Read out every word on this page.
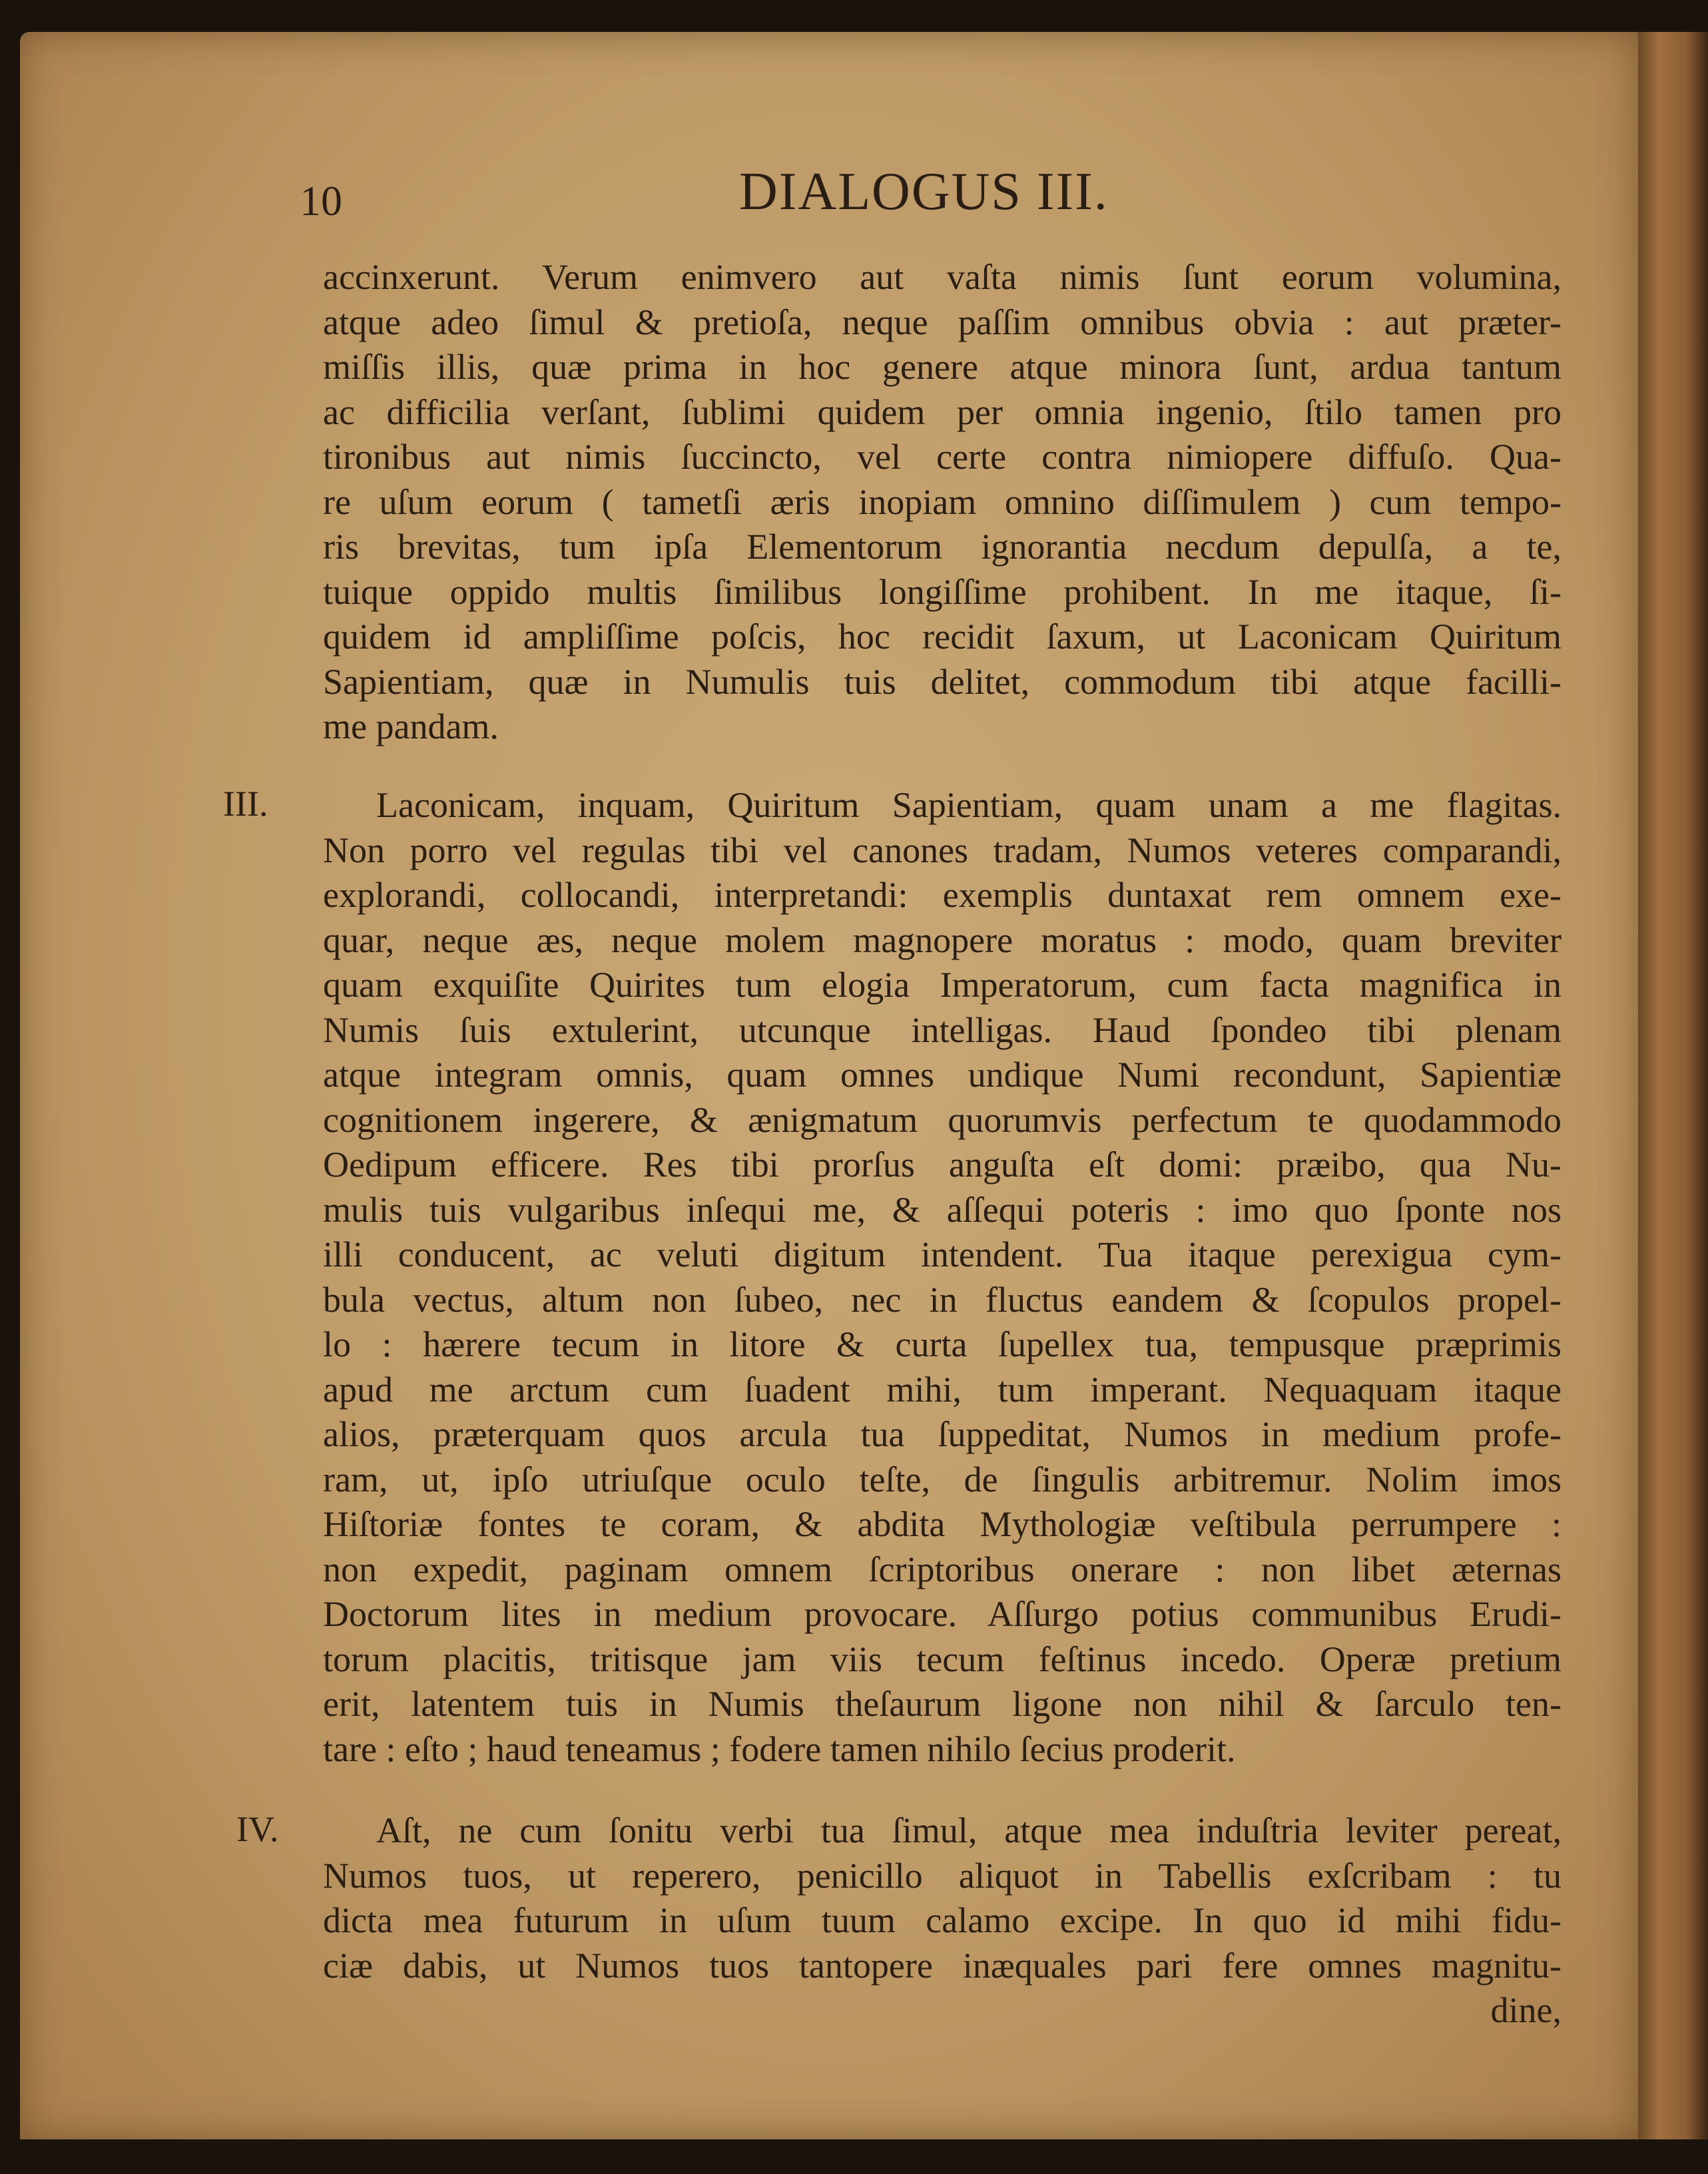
10	DIALOGUS III.
accinxerunt. Verum enimvero aut vaſta nimis ſunt eorum volumina,
atque adeo ſimul & pretioſa, neque paſſim omnibus obvia : aut præter-
miſſis illis, quæ prima in hoc genere atque minora ſunt, ardua tantum
ac difficilia verſant, ſublimi quidem per omnia ingenio, ſtilo tamen pro
tironibus aut nimis ſuccincto, vel certe contra nimiopere diffuſo. Qua-
re uſum eorum ( tametſi æris inopiam omnino diſſimulem ) cum tempo-
ris brevitas, tum ipſa Elementorum ignorantia necdum depulſa, a te,
tuique oppido multis ſimilibus longiſſime prohibent. In me itaque, ſi-
quidem id ampliſſime poſcis, hoc recidit ſaxum, ut Laconicam Quiritum
Sapientiam, quæ in Numulis tuis delitet, commodum tibi atque facilli-
me pandam.
III.	Laconicam, inquam, Quiritum Sapientiam, quam unam a me flagitas.
Non porro vel regulas tibi vel canones tradam, Numos veteres comparandi,
explorandi, collocandi, interpretandi: exemplis duntaxat rem omnem exe-
quar, neque æs, neque molem magnopere moratus : modo, quam breviter
quam exquiſite Quirites tum elogia Imperatorum, cum facta magnifica in
Numis ſuis extulerint, utcunque intelligas. Haud ſpondeo tibi plenam
atque integram omnis, quam omnes undique Numi recondunt, Sapientiæ
cognitionem ingerere, & ænigmatum quorumvis perfectum te quodammodo
Oedipum efficere. Res tibi prorſus anguſta eſt domi: præibo, qua Nu-
mulis tuis vulgaribus inſequi me, & aſſequi poteris : imo quo ſponte nos
illi conducent, ac veluti digitum intendent. Tua itaque perexigua cym-
bula vectus, altum non ſubeo, nec in fluctus eandem & ſcopulos propel-
lo : hærere tecum in litore & curta ſupellex tua, tempusque præprimis
apud me arctum cum ſuadent mihi, tum imperant. Nequaquam itaque
alios, præterquam quos arcula tua ſuppeditat, Numos in medium profe-
ram, ut, ipſo utriuſque oculo teſte, de ſingulis arbitremur. Nolim imos
Hiſtoriæ fontes te coram, & abdita Mythologiæ veſtibula perrumpere :
non expedit, paginam omnem ſcriptoribus onerare : non libet æternas
Doctorum lites in medium provocare. Aſſurgo potius communibus Erudi-
torum placitis, tritisque jam viis tecum feſtinus incedo. Operæ pretium
erit, latentem tuis in Numis theſaurum ligone non nihil & ſarculo ten-
tare : eſto ; haud teneamus ; fodere tamen nihilo ſecius proderit.
IV.	Aſt, ne cum ſonitu verbi tua ſimul, atque mea induſtria leviter pereat,
Numos tuos, ut reperero, penicillo aliquot in Tabellis exſcribam : tu
dicta mea futurum in uſum tuum calamo excipe. In quo id mihi fidu-
ciæ dabis, ut Numos tuos tantopere inæquales pari fere omnes magnitu-
dine,
